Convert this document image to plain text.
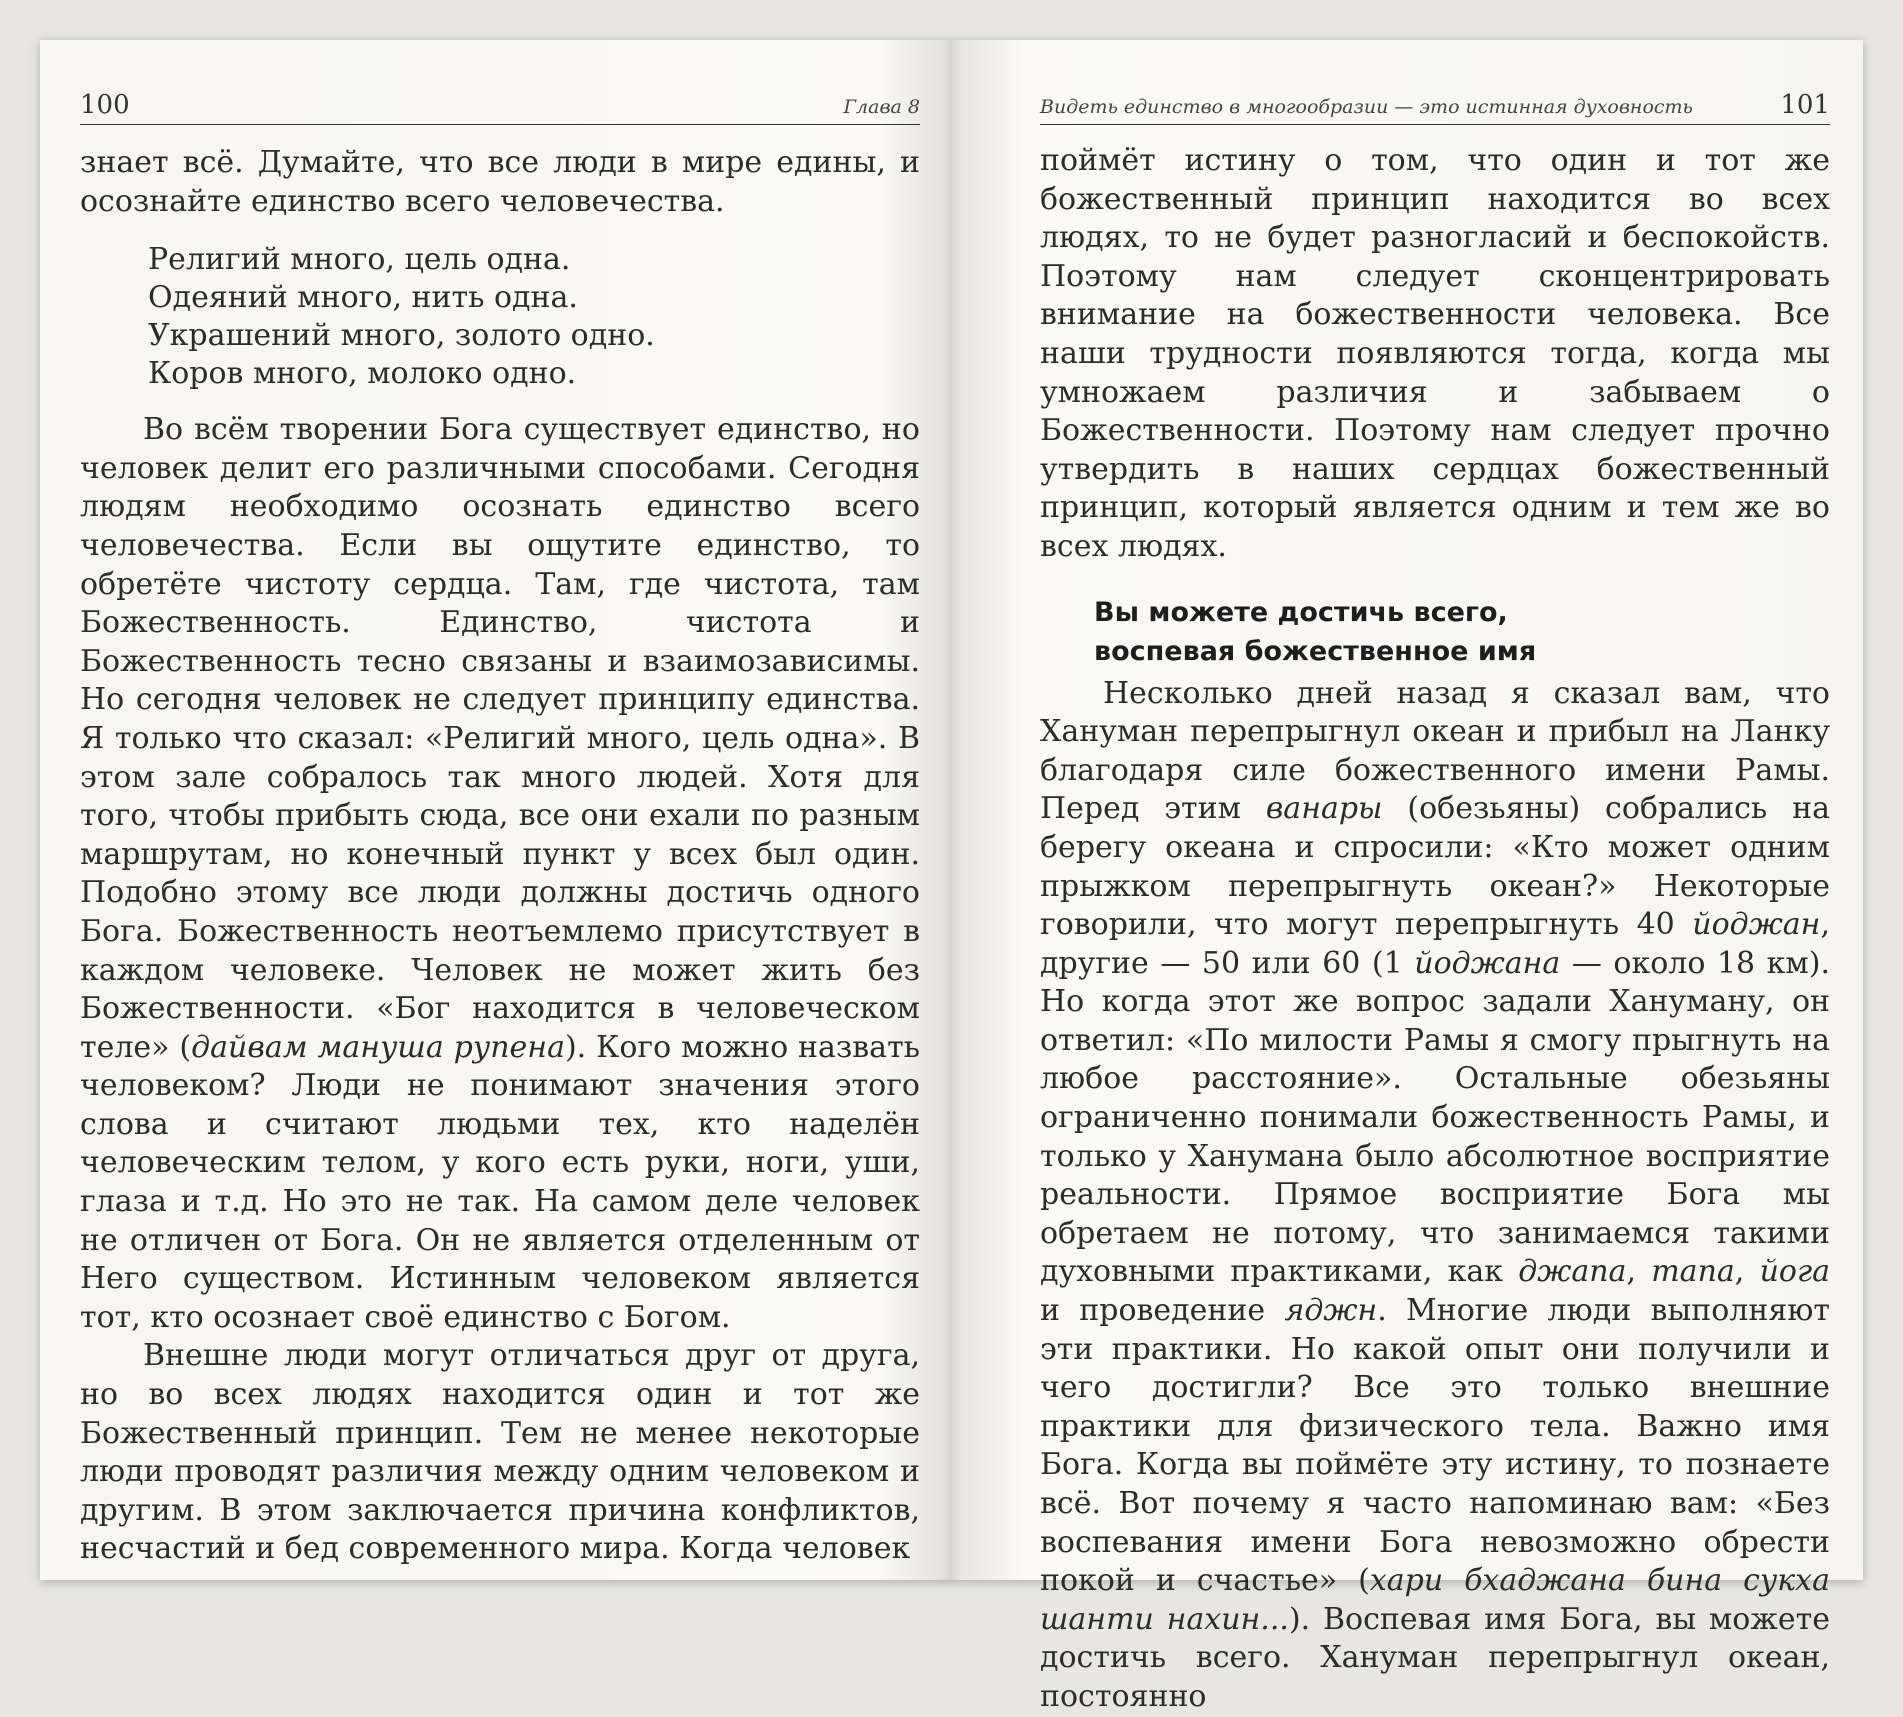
100	Глава 8

знает всё. Думайте, что все люди в мире едины, и осознайте единство всего человечества.

Религий много, цель одна.
Одеяний много, нить одна.
Украшений много, золото одно.
Коров много, молоко одно.

Во всём творении Бога существует единство, но человек делит его различными способами. Сегодня людям необходимо осознать единство всего человечества. Если вы ощутите единство, то обретёте чистоту сердца. Там, где чистота, там Божественность. Единство, чистота и Божественность тесно связаны и взаимозависимы. Но сегодня человек не следует принципу единства. Я только что сказал: «Религий много, цель одна». В этом зале собралось так много людей. Хотя для того, чтобы прибыть сюда, все они ехали по разным маршрутам, но конечный пункт у всех был один. Подобно этому все люди должны достичь одного Бога. Божественность неотъемлемо присутствует в каждом человеке. Человек не может жить без Божественности. «Бог находится в человеческом теле» (дайвам мануша рупена). Кого можно назвать человеком? Люди не понимают значения этого слова и считают людьми тех, кто наделён человеческим телом, у кого есть руки, ноги, уши, глаза и т.д. Но это не так. На самом деле человек не отличен от Бога. Он не является отделенным от Него существом. Истинным человеком является тот, кто осознает своё единство с Богом.

Внешне люди могут отличаться друг от друга, но во всех людях находится один и тот же Божественный принцип. Тем не менее некоторые люди проводят различия между одним человеком и другим. В этом заключается причина конфликтов, несчастий и бед современного мира. Когда человек

Видеть единство в многообразии — это истинная духовность	101

поймёт истину о том, что один и тот же божественный принцип находится во всех людях, то не будет разногласий и беспокойств. Поэтому нам следует сконцентрировать внимание на божественности человека. Все наши трудности появляются тогда, когда мы умножаем различия и забываем о Божественности. Поэтому нам следует прочно утвердить в наших сердцах божественный принцип, который является одним и тем же во всех людях.

Вы можете достичь всего,
воспевая божественное имя

Несколько дней назад я сказал вам, что Хануман перепрыгнул океан и прибыл на Ланку благодаря силе божественного имени Рамы. Перед этим ванары (обезьяны) собрались на берегу океана и спросили: «Кто может одним прыжком перепрыгнуть океан?» Некоторые говорили, что могут перепрыгнуть 40 йоджан, другие — 50 или 60 (1 йоджана — около 18 км). Но когда этот же вопрос задали Хануману, он ответил: «По милости Рамы я смогу прыгнуть на любое расстояние». Остальные обезьяны ограниченно понимали божественность Рамы, и только у Ханумана было абсолютное восприятие реальности. Прямое восприятие Бога мы обретаем не потому, что занимаемся такими духовными практиками, как джапа, тапа, йога и проведение яджн. Многие люди выполняют эти практики. Но какой опыт они получили и чего достигли? Все это только внешние практики для физического тела. Важно имя Бога. Когда вы поймёте эту истину, то познаете всё. Вот почему я часто напоминаю вам: «Без воспевания имени Бога невозможно обрести покой и счастье» (хари бхаджана бина сукха шанти нахин...). Воспевая имя Бога, вы можете достичь всего. Хануман перепрыгнул океан, постоянно
